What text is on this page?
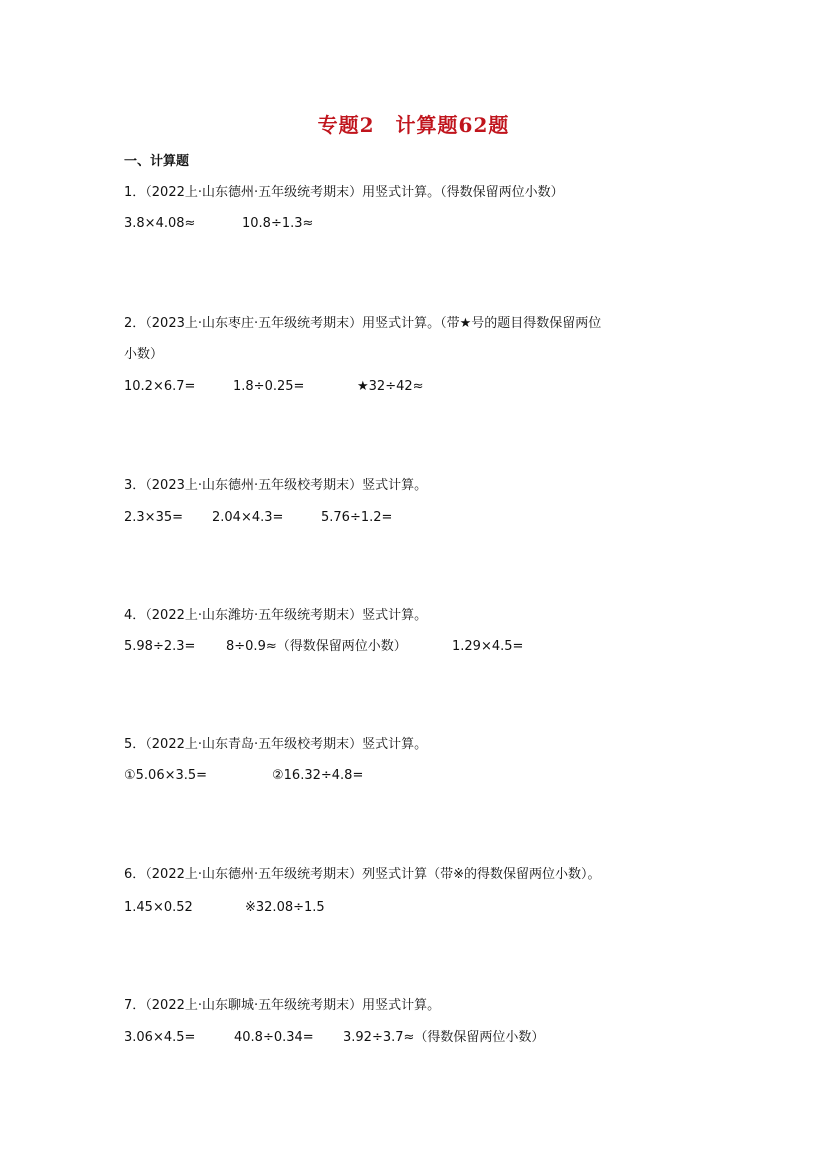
专题2　计算题62题
一、计算题
1．（2022上·山东德州·五年级统考期末）用竖式计算。（得数保留两位小数）
3.8×4.08≈	10.8÷1.3≈
2．（2023上·山东枣庄·五年级统考期末）用竖式计算。（带★号的题目得数保留两位
小数）
10.2×6.7=	1.8÷0.25=	★32÷42≈
3．（2023上·山东德州·五年级校考期末）竖式计算。
2.3×35= 2.04×4.3=	5.76÷1.2=
4．（2022上·山东潍坊·五年级统考期末）竖式计算。
5.98÷2.3= 8÷0.9≈（得数保留两位小数）	1.29×4.5=
5．（2022上·山东青岛·五年级校考期末）竖式计算。
①5.06×3.5=	②16.32÷4.8=
6．（2022上·山东德州·五年级统考期末）列竖式计算（带※的得数保留两位小数）。
1.45×0.52	※32.08÷1.5
7．（2022上·山东聊城·五年级统考期末）用竖式计算。
3.06×4.5=	40.8÷0.34= 3.92÷3.7≈（得数保留两位小数）
